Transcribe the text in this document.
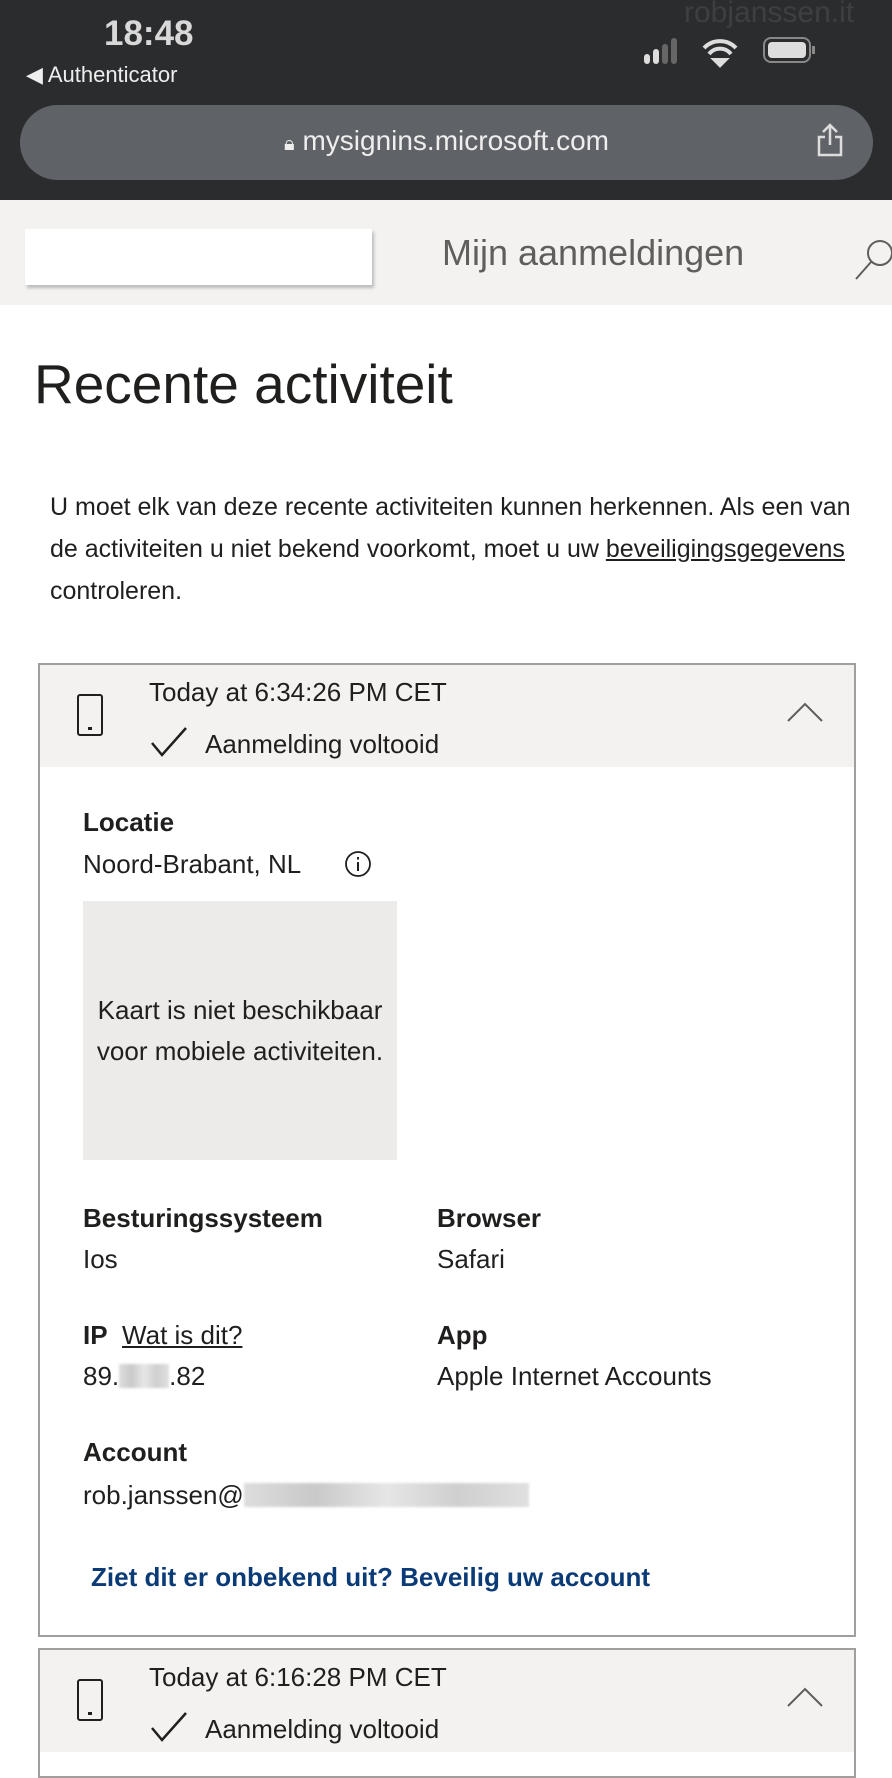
18:48
◀ Authenticator
robjanssen.it
🔒︎ mysignins.microsoft.com
Mijn aanmeldingen
Recente activiteit

U moet elk van deze recente activiteiten kunnen herkennen. Als een van de activiteiten u niet bekend voorkomt, moet u uw beveiligingsgegevens controleren.

Today at 6:34:26 PM CET
Aanmelding voltooid
Locatie
Noord-Brabant, NL
Kaart is niet beschikbaar voor mobiele activiteiten.
Besturingssysteem
Ios
Browser
Safari
IP Wat is dit?
89. .82
App
Apple Internet Accounts
Account
rob.janssen@
Ziet dit er onbekend uit? Beveilig uw account
Today at 6:16:28 PM CET
Aanmelding voltooid
